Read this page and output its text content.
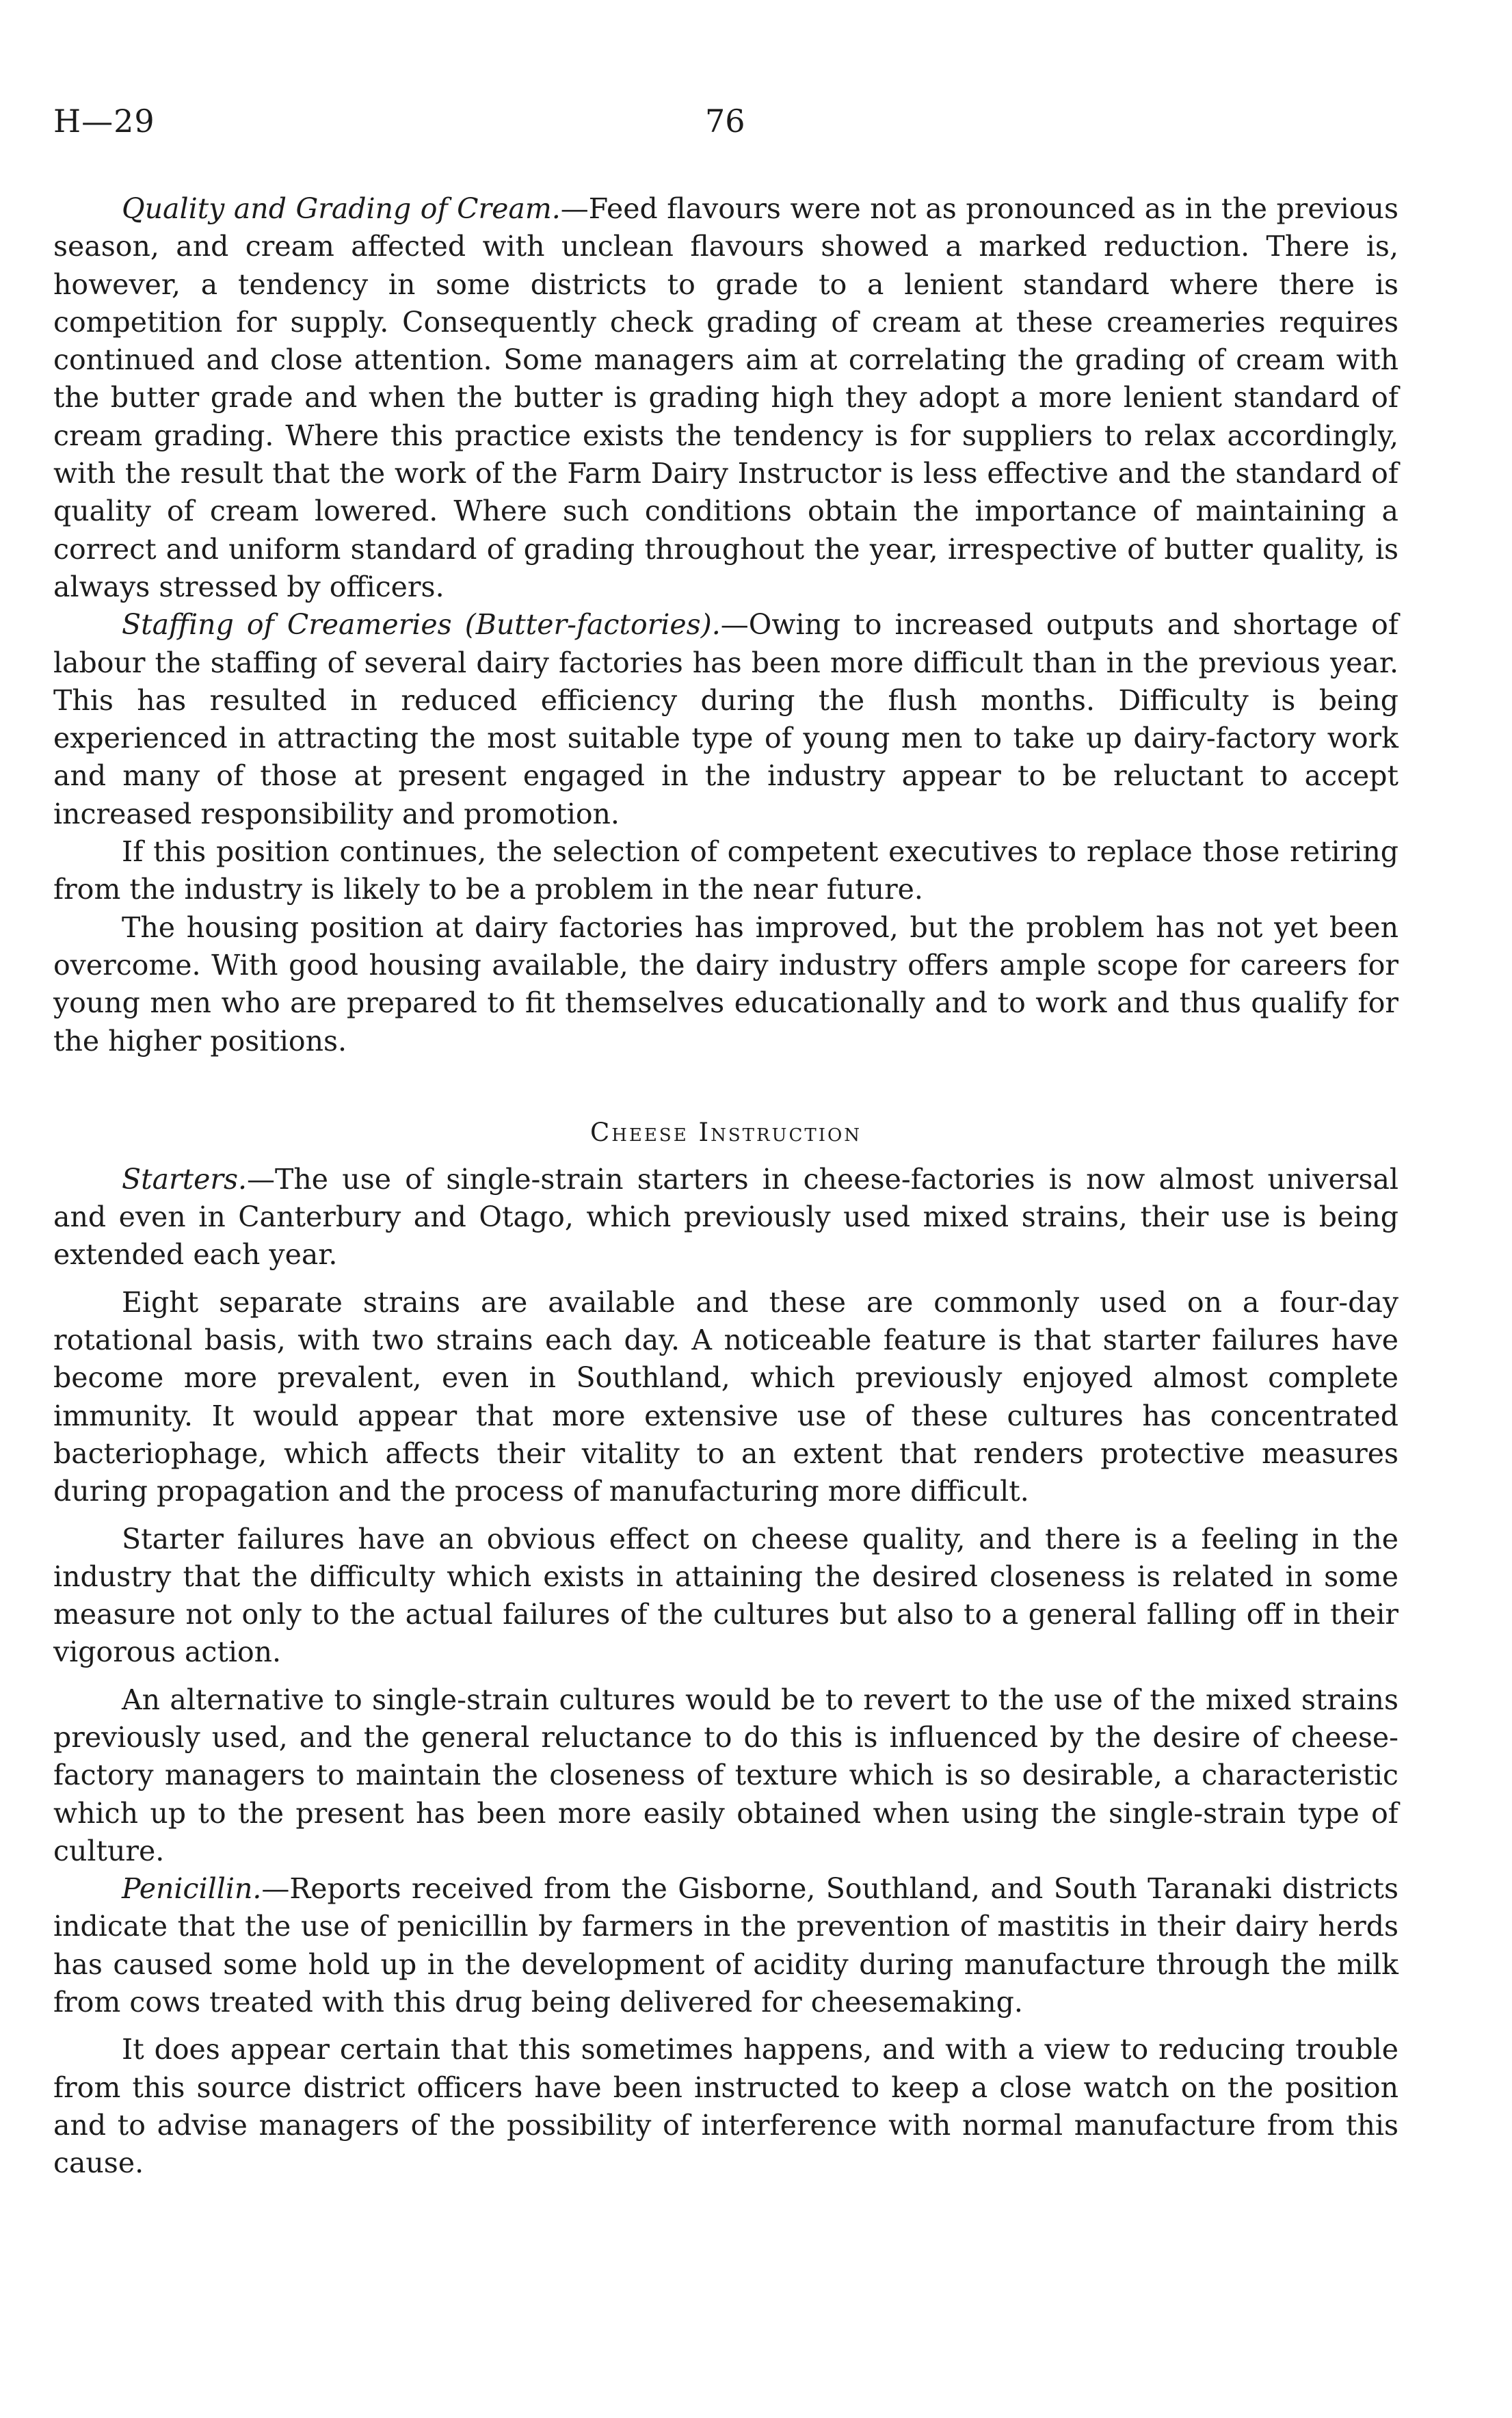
H—29	76

Quality and Grading of Cream.—Feed flavours were not as pronounced as in the previous season, and cream affected with unclean flavours showed a marked reduction. There is, however, a tendency in some districts to grade to a lenient standard where there is competition for supply. Consequently check grading of cream at these creameries requires continued and close attention. Some managers aim at correlating the grading of cream with the butter grade and when the butter is grading high they adopt a more lenient standard of cream grading. Where this practice exists the tendency is for suppliers to relax accordingly, with the result that the work of the Farm Dairy Instructor is less effective and the standard of quality of cream lowered. Where such conditions obtain the importance of maintaining a correct and uniform standard of grading throughout the year, irrespective of butter quality, is always stressed by officers.

Staffing of Creameries (Butter-factories).—Owing to increased outputs and shortage of labour the staffing of several dairy factories has been more difficult than in the previous year. This has resulted in reduced efficiency during the flush months. Difficulty is being experienced in attracting the most suitable type of young men to take up dairy-factory work and many of those at present engaged in the industry appear to be reluctant to accept increased responsibility and promotion.

If this position continues, the selection of competent executives to replace those retiring from the industry is likely to be a problem in the near future.

The housing position at dairy factories has improved, but the problem has not yet been overcome. With good housing available, the dairy industry offers ample scope for careers for young men who are prepared to fit themselves educationally and to work and thus qualify for the higher positions.

Cheese Instruction

Starters.—The use of single-strain starters in cheese-factories is now almost universal and even in Canterbury and Otago, which previously used mixed strains, their use is being extended each year.

Eight separate strains are available and these are commonly used on a four-day rotational basis, with two strains each day. A noticeable feature is that starter failures have become more prevalent, even in Southland, which previously enjoyed almost complete immunity. It would appear that more extensive use of these cultures has concentrated bacteriophage, which affects their vitality to an extent that renders protective measures during propagation and the process of manufacturing more difficult.

Starter failures have an obvious effect on cheese quality, and there is a feeling in the industry that the difficulty which exists in attaining the desired closeness is related in some measure not only to the actual failures of the cultures but also to a general falling off in their vigorous action.

An alternative to single-strain cultures would be to revert to the use of the mixed strains previously used, and the general reluctance to do this is influenced by the desire of cheese-factory managers to maintain the closeness of texture which is so desirable, a characteristic which up to the present has been more easily obtained when using the single-strain type of culture.

Penicillin.—Reports received from the Gisborne, Southland, and South Taranaki districts indicate that the use of penicillin by farmers in the prevention of mastitis in their dairy herds has caused some hold up in the development of acidity during manufacture through the milk from cows treated with this drug being delivered for cheesemaking.

It does appear certain that this sometimes happens, and with a view to reducing trouble from this source district officers have been instructed to keep a close watch on the position and to advise managers of the possibility of interference with normal manufacture from this cause.
